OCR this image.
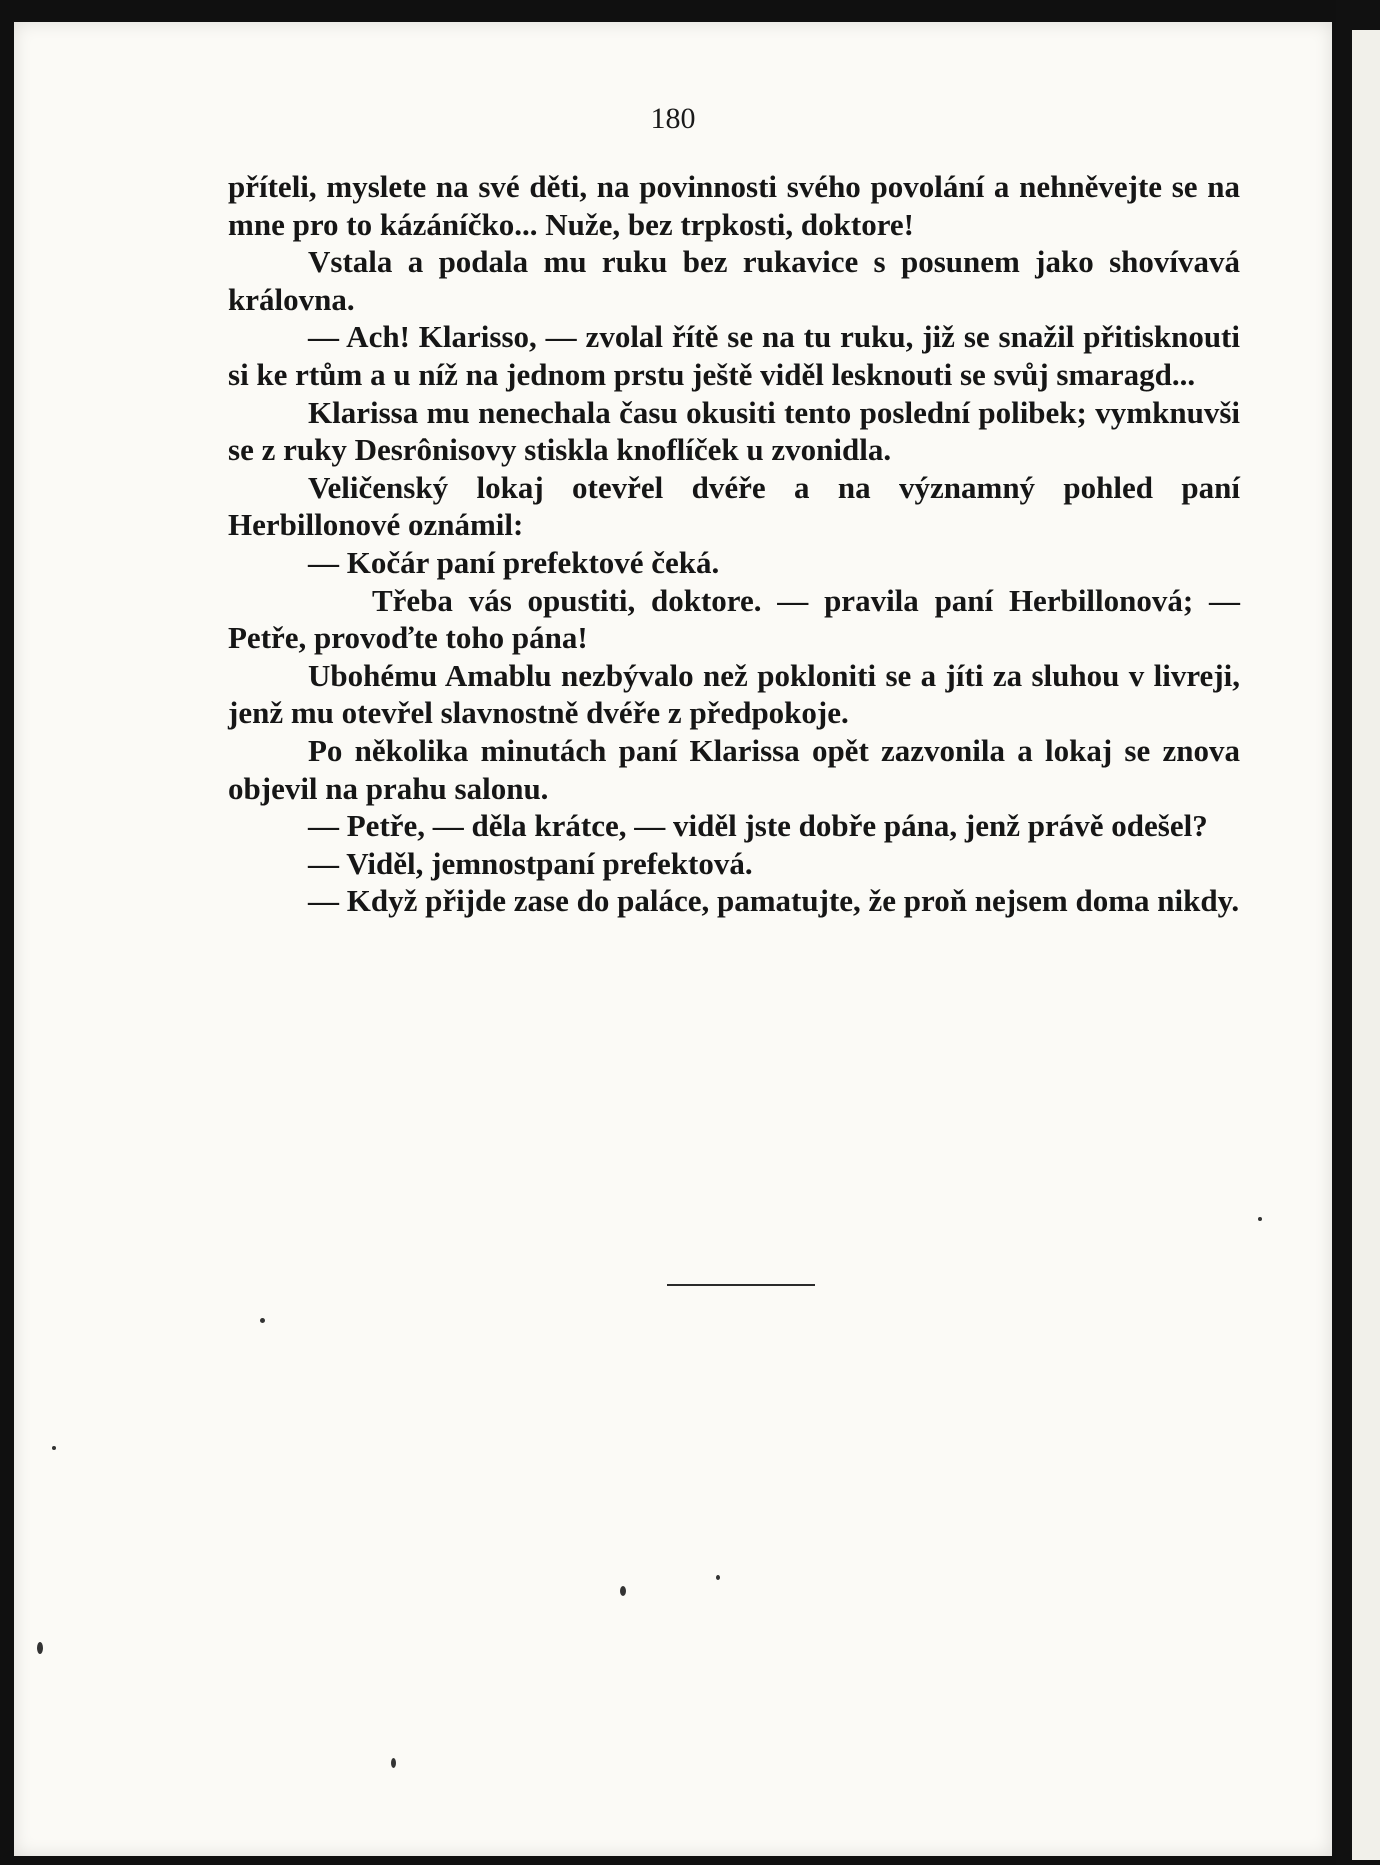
180

příteli, myslete na své děti, na povinnosti svého povolání a nehněvejte se na mne pro to kázáníčko... Nuže, bez trpkosti, doktore!

Vstala a podala mu ruku bez rukavice s posunem jako shovívavá královna.

— Ach! Klarisso, — zvolal řítě se na tu ruku, již se snažil přitisknouti si ke rtům a u níž na jednom prstu ještě viděl lesknouti se svůj smaragd...

Klarissa mu nenechala času okusiti tento poslední polibek; vymknuvši se z ruky Desrônisovy stiskla knoflíček u zvonidla.

Veličenský lokaj otevřel dvéře a na významný pohled paní Herbillonové oznámil:

— Kočár paní prefektové čeká.

Třeba vás opustiti, doktore. — pravila paní Herbillonová; — Petře, provoďte toho pána!

Ubohému Amablu nezbývalo než pokloniti se a jíti za sluhou v livreji, jenž mu otevřel slavnostně dvéře z předpokoje.

Po několika minutách paní Klarissa opět zazvonila a lokaj se znova objevil na prahu salonu.

— Petře, — děla krátce, — viděl jste dobře pána, jenž právě odešel?

— Viděl, jemnostpaní prefektová.

— Když přijde zase do paláce, pamatujte, že proň nejsem doma nikdy.
